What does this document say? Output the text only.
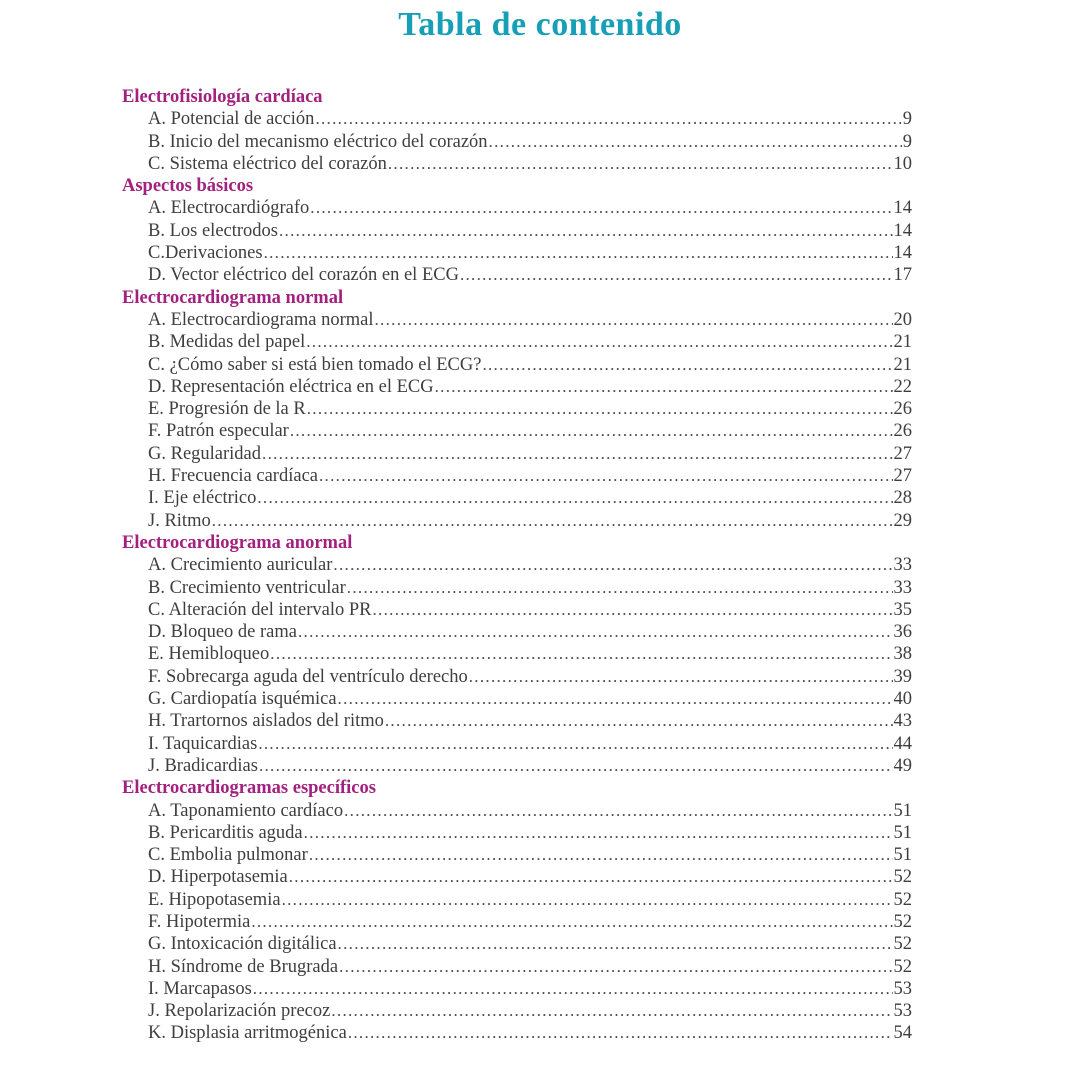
Tabla de contenido
Electrofisiología cardíaca
A. Potencial de acción .....	9
B. Inicio del mecanismo eléctrico del corazón .....	9
C. Sistema eléctrico del corazón .....	10
Aspectos básicos
A. Electrocardiógrafo .....	14
B. Los electrodos .....	14
C.Derivaciones .....	14
D. Vector eléctrico del corazón en el ECG .....	17
Electrocardiograma normal
A. Electrocardiograma normal .....	20
B. Medidas del papel .....	21
C. ¿Cómo saber si está bien tomado el ECG? .....	21
D. Representación eléctrica en el ECG .....	22
E. Progresión de la R .....	26
F. Patrón especular .....	26
G. Regularidad .....	27
H. Frecuencia cardíaca .....	27
I. Eje eléctrico .....	28
J. Ritmo .....	29
Electrocardiograma anormal
A. Crecimiento auricular .....	33
B. Crecimiento ventricular .....	33
C. Alteración del intervalo PR .....	35
D. Bloqueo de rama .....	36
E. Hemibloqueo .....	38
F. Sobrecarga aguda del ventrículo derecho .....	39
G. Cardiopatía isquémica .....	40
H. Trartornos aislados del ritmo .....	43
I. Taquicardias .....	44
J. Bradicardias .....	49
Electrocardiogramas específicos
A. Taponamiento cardíaco .....	51
B. Pericarditis aguda .....	51
C. Embolia pulmonar .....	51
D. Hiperpotasemia .....	52
E. Hipopotasemia .....	52
F. Hipotermia .....	52
G. Intoxicación digitálica .....	52
H. Síndrome de Brugrada .....	52
I. Marcapasos .....	53
J. Repolarización precoz .....	53
K. Displasia arritmogénica .....	54
